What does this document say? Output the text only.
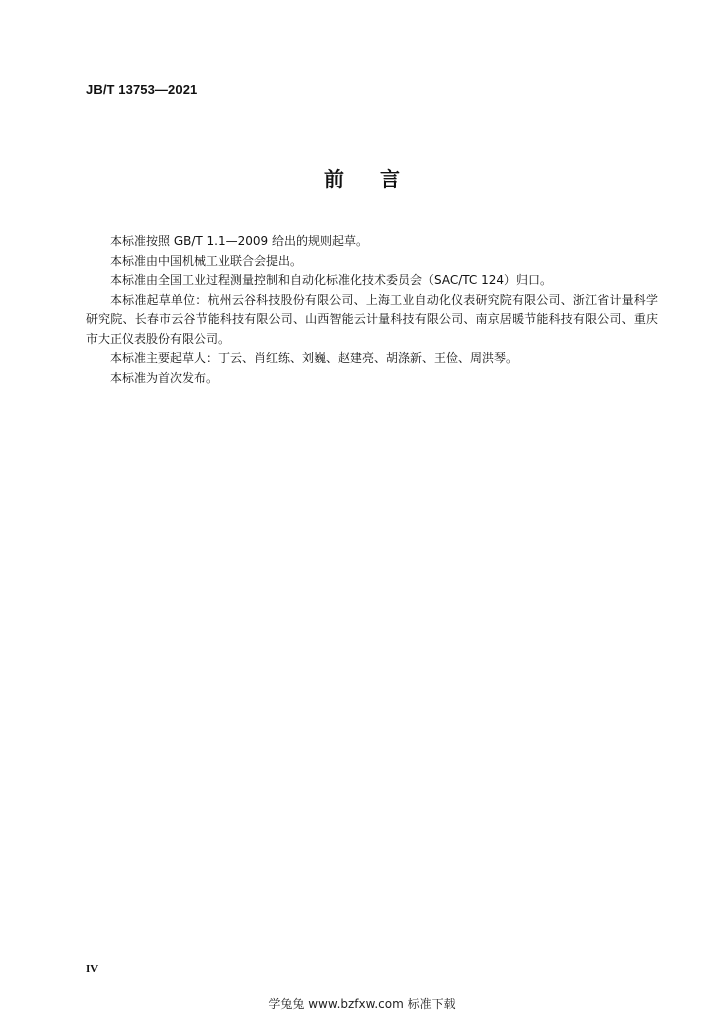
JB/T 13753—2021
前 言

本标准按照 GB/T 1.1—2009 给出的规则起草。

本标准由中国机械工业联合会提出。

本标准由全国工业过程测量控制和自动化标准化技术委员会（SAC/TC 124）归口。

本标准起草单位：杭州云谷科技股份有限公司、上海工业自动化仪表研究院有限公司、浙江省计量科学研究院、长春市云谷节能科技有限公司、山西智能云计量科技有限公司、南京居暖节能科技有限公司、重庆市大正仪表股份有限公司。

本标准主要起草人：丁云、肖红练、刘巍、赵建亮、胡涤新、王俭、周洪琴。

本标准为首次发布。

IV
学兔兔 www.bzfxw.com 标准下载
